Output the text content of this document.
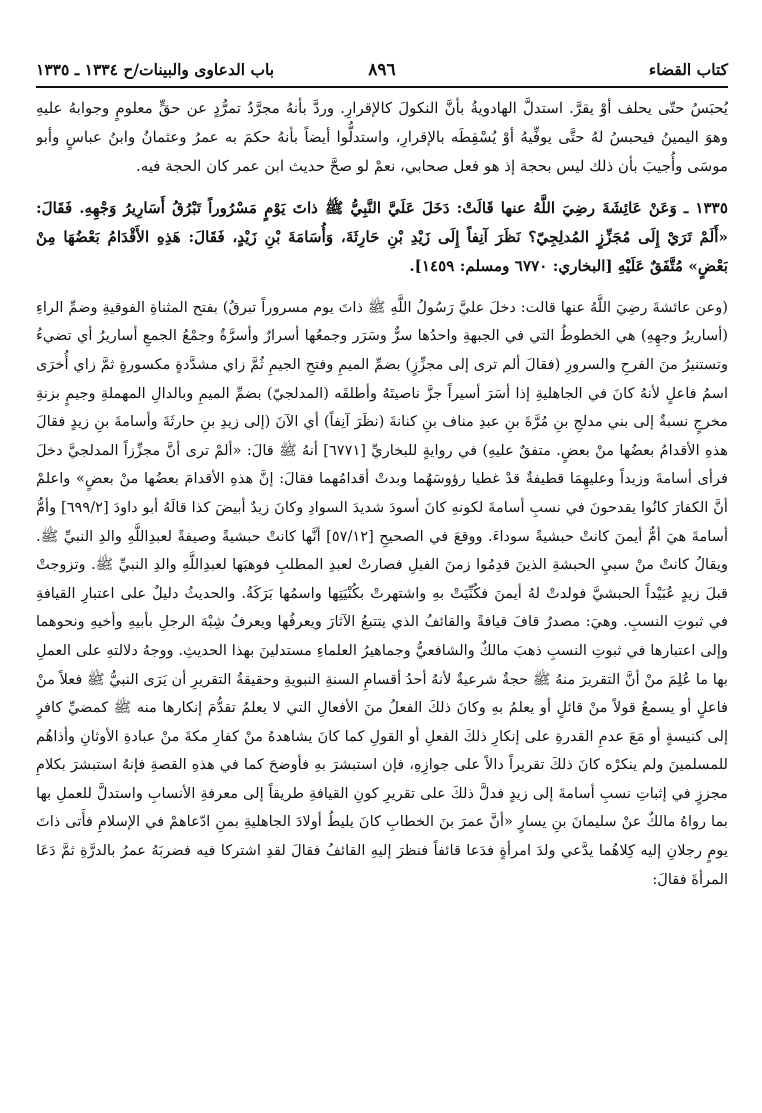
كتاب القضاء
٨٩٦
باب الدعاوى والبينات/ح ١٣٣٤ ـ ١٣٣٥

يُحبَسُ حتّى يحلف أوْ يقرَّ. استدلَّ الهادويةُ بأنَّ النكولَ كالإقرارِ. وردَّ بأنهُ مجرَّدُ تمرُّدٍ عن حقٍّ معلومٍ وجوابهُ عليهِ وهوَ اليمينُ فيحبسُ لهُ حتَّى يوفِّيهُ أوْ يُسْقِطَه بالإقرارِ، واستدلُّوا أيضاً بأنهُ حكمَ به عمرُ وعثمانُ وابنُ عباسٍ وأبو موسَى وأُجيبَ بأن ذلك ليس بحجة إذ هو فعل صحابي، نعمْ لو صحَّ حديث ابن عمر كان الحجة فيه.

١٣٣٥ ـ وَعَنْ عَائِشَةَ رضِيَ اللَّهُ عنها قَالَتْ: دَخَلَ عَلَيَّ النَّبِيُّ ﷺ ذاتَ يَوْمٍ مَسْرُوراً تَبْرُقُ أَسَارِيرُ وَجْهِهِ. فَقَالَ: «أَلَمْ تَرَيْ إِلَى مُجَزِّزٍ المُدلِجِيّ؟ نَظَرَ آنِفاً إِلَى زَيْدِ بْنِ حَارِثَةَ، وَأُسَامَةَ بْنِ زَيْدٍ، فَقَالَ: هَذِهِ الأَقْدَامُ بَعْضُهَا مِنْ بَعْضٍ» مُتَّفَقٌ عَلَيْهِ [البخاري: ٦٧٧٠ ومسلم: ١٤٥٩].

(وعن عائشةَ رضِيَ اللَّهُ عنها قالت: دخلَ عليَّ رَسُولُ اللَّهِ ﷺ ذاتَ يوم مسروراً تبرقُ) بفتح المثناةِ الفوقيةِ وضمِّ الراءِ (أساريرُ وجهِهِ) هي الخطوطُ التي في الجبهةِ واحدُها سرٌّ وسَرَر وجمعُها أسرارٌ وأسرَّةٌ وجمْعُ الجمعِ أساريرُ أي تضيءُ وتستنيرُ منَ الفرحِ والسرورِ (فقالَ ألم ترى إلى مجزِّزٍ) بضمِّ الميمِ وفتحِ الجيمِ ثُمَّ زاي مشدَّدةٍ مكسورةٍ ثمَّ زاي أُخرَى اسمُ فاعلٍ لأنهُ كانَ في الجاهليةِ إذا أسَرَ أسيراً جزَّ ناصيتَهُ وأطلقَه (المدلجيّ) بضمِّ الميمِ وبالدالِ المهملةِ وجيمٍ بزنةِ مخرجٍ نسبةٌ إلى بني مدلجِ بنِ مُرَّةَ بنِ عبدِ مناف بنِ كنانةَ (نظَرَ آنِفاً) أي الآنَ (إلى زيدِ بنِ حارثَةَ وأسامةَ بنِ زيدٍ فقالَ هذهِ الأقدامُ بعضُها منْ بعضٍ. متفقٌ عليهِ) في روايةٍ للبخاريِّ [٦٧٧١] أنهُ ﷺ قالَ: «ألمْ ترى أنَّ مجزِّزاً المدلجيَّ دخلَ فرأى أسامةَ وزيداً وعليهِمَا قطيفةٌ قدْ غطيا رؤوسَهُما وبدتْ أقدامُهما فقالَ: إنَّ هذهِ الأقدامَ بعضُها منْ بعضٍ» واعلمْ أنَّ الكفارَ كانُوا يقدحونَ في نسبِ أسامةَ لكونهِ كانَ أسودَ شديدَ السوادِ وكانَ زيدٌ أبيضَ كذا قالَهُ أبو داودَ [٦٩٩/٢] وأمُّ أسامةَ هيَ أمُّ أيمنَ كانتْ حبشيةً سوداءَ. ووقعَ في الصحيحِ [٥٧/١٢] أنَّها كانتْ حبشيةً وصيفةً لعبدِاللَّهِ والدِ النبيِّ ﷺ. ويقالُ كانتْ منْ سبيِ الحبشةِ الذينَ قدِمُوا زمنَ الفيلِ فصارتْ لعبدِ المطلبِ فوهبَها لعبدِاللَّهِ والدِ النبيِّ ﷺ. وتزوجتْ قبلَ زيدٍ عُبَيْداً الحبشيَّ فولدتْ لهُ أيمنَ فكُنِّيَتْ بهِ واشتهرتْ بكُنْيَتِها واسمُها بَرَكَةُ. والحديثُ دليلٌ على اعتبارِ القيافةِ في ثبوتِ النسبِ. وهيَ: مصدرُ قافَ قيافةً والقائفُ الذي يتتبعُ الآثارَ ويعرفُها ويعرفُ شِبْهَ الرجلِ بأبيهِ وأخيهِ ونحوهما وإلى اعتبارها في ثبوتِ النسبِ ذهبَ مالكٌ والشافعيُّ وجماهيرُ العلماءِ مستدلينَ بهذا الحديثِ. ووجهُ دلالتهِ على العملِ بها ما عُلِمَ منْ أنَّ التقريرَ منهُ ﷺ حجةٌ شرعيةٌ لأنهُ أحدُ أقسامِ السنةِ النبويةِ وحقيقةُ التقريرِ أن يَرَى النبيُّ ﷺ فعلاً منْ فاعلٍ أو يسمعُ قولاً منْ قائلٍ أو يعلمُ بهِ وكانَ ذلكَ الفعلُ منَ الأفعالِ التي لا يعلمُ تقدُّمَ إنكارها منه ﷺ كمضيِّ كافرٍ إلى كنيسةٍ أو مَعَ عدمِ القدرةِ على إنكارِ ذلكَ الفعلِ أو القولِ كما كانَ يشاهدهُ منْ كفارِ مكةَ منْ عبادةِ الأوثانِ وأذاهُم للمسلمينَ ولم ينكرْه كانَ ذلكَ تقريراً دالاً على جوازِهِ، فإن استبشرَ بهِ فأوضحَ كما في هذهِ القصةِ فإنهُ استبشرَ بكلامِ مجززٍ في إثباتِ نسبِ أسامةَ إلى زيدٍ فدلَّ ذلكَ على تقريرِ كونِ القيافةِ طريقاً إلى معرفةِ الأنسابِ واستدلَّ للعملِ بها بما رواهُ مالكٌ عنْ سليمانَ بنِ يسارٍ «أنَّ عمرَ بنَ الخطابِ كانَ يليطُ أولادَ الجاهليةِ بمنِ ادّعاهمْ في الإسلامِ فأَتى ذاتَ يومٍ رجلانِ إليه كِلاهُما يدَّعي ولدَ امرأةٍ فدَعا قائفاً فنظرَ إليهِ القائفُ فقالَ لقدِ اشتركا فيه فضربَهُ عمرُ بالدرَّةِ ثمَّ دَعَا المرأةَ فقالَ:
